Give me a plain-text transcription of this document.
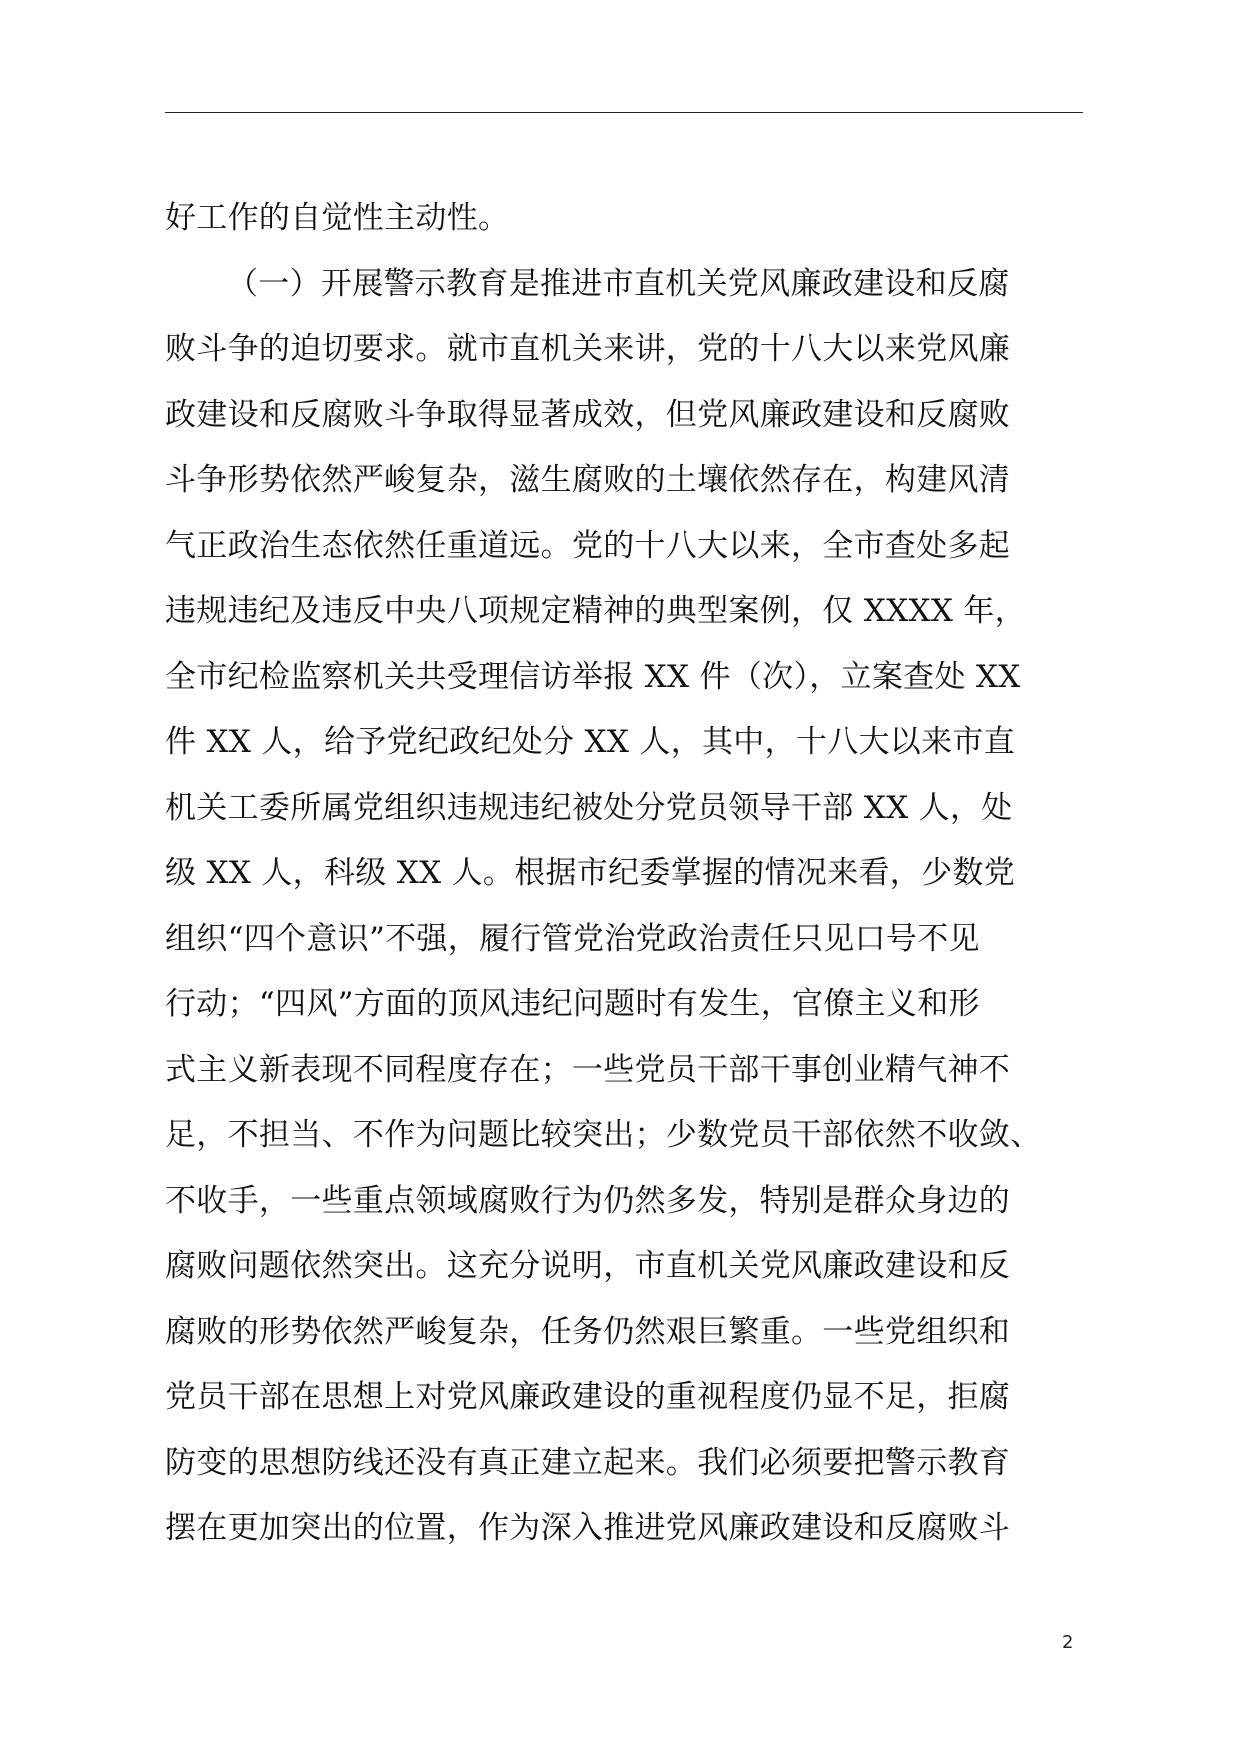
好工作的自觉性主动性。
（一）开展警示教育是推进市直机关党风廉政建设和反腐
败斗争的迫切要求。就市直机关来讲，党的十八大以来党风廉
政建设和反腐败斗争取得显著成效，但党风廉政建设和反腐败
斗争形势依然严峻复杂，滋生腐败的土壤依然存在，构建风清
气正政治生态依然任重道远。党的十八大以来，全市查处多起
违规违纪及违反中央八项规定精神的典型案例，仅 XXXX 年，
全市纪检监察机关共受理信访举报 XX 件（次），立案查处 XX
件 XX 人，给予党纪政纪处分 XX 人，其中，十八大以来市直
机关工委所属党组织违规违纪被处分党员领导干部 XX 人，处
级 XX 人，科级 XX 人。根据市纪委掌握的情况来看，少数党
组织“四个意识”不强，履行管党治党政治责任只见口号不见
行动；“四风”方面的顶风违纪问题时有发生，官僚主义和形
式主义新表现不同程度存在；一些党员干部干事创业精气神不
足，不担当、不作为问题比较突出；少数党员干部依然不收敛、
不收手，一些重点领域腐败行为仍然多发，特别是群众身边的
腐败问题依然突出。这充分说明，市直机关党风廉政建设和反
腐败的形势依然严峻复杂，任务仍然艰巨繁重。一些党组织和
党员干部在思想上对党风廉政建设的重视程度仍显不足，拒腐
防变的思想防线还没有真正建立起来。我们必须要把警示教育
摆在更加突出的位置，作为深入推进党风廉政建设和反腐败斗
2
